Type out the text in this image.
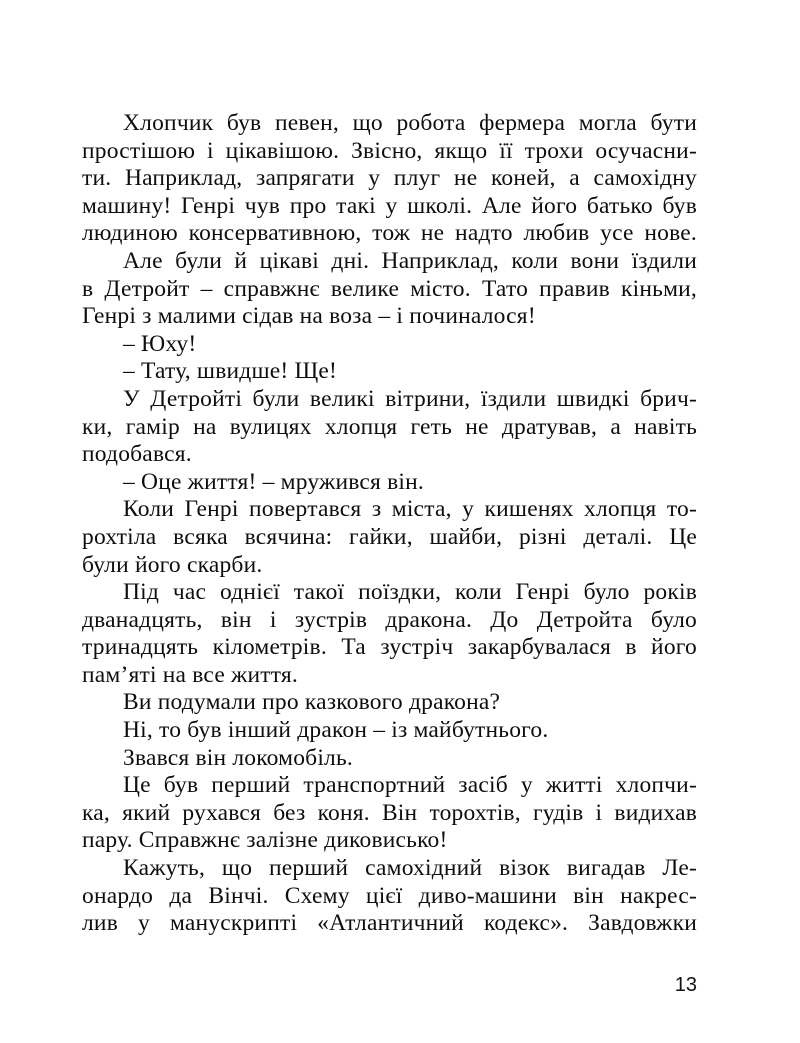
Хлопчик був певен, що робота фермера могла бути
простішою і цікавішою. Звісно, якщо її трохи осучасни-
ти. Наприклад, запрягати у плуг не коней, а самохідну
машину! Генрі чув про такі у школі. Але його батько був
людиною консервативною, тож не надто любив усе нове.
Але були й цікаві дні. Наприклад, коли вони їздили
в Детройт – справжнє велике місто. Тато правив кіньми,
Генрі з малими сідав на воза – і починалося!
– Юху!
– Тату, швидше! Ще!
У Детройті були великі вітрини, їздили швидкі брич-
ки, гамір на вулицях хлопця геть не дратував, а навіть
подобався.
– Оце життя! – мружився він.
Коли Генрі повертався з міста, у кишенях хлопця то-
рохтіла всяка всячина: гайки, шайби, різні деталі. Це
були його скарби.
Під час однієї такої поїздки, коли Генрі було років
дванадцять, він і зустрів дракона. До Детройта було
тринадцять кілометрів. Та зустріч закарбувалася в його
пам’яті на все життя.
Ви подумали про казкового дракона?
Ні, то був інший дракон – із майбутнього.
Звався він локомобіль.
Це був перший транспортний засіб у житті хлопчи-
ка, який рухався без коня. Він торохтів, гудів і видихав
пару. Справжнє залізне диковисько!
Кажуть, що перший самохідний візок вигадав Ле-
онардо да Вінчі. Схему цієї диво-машини він накрес-
лив у манускрипті «Атлантичний кодекс». Завдовжки
13
